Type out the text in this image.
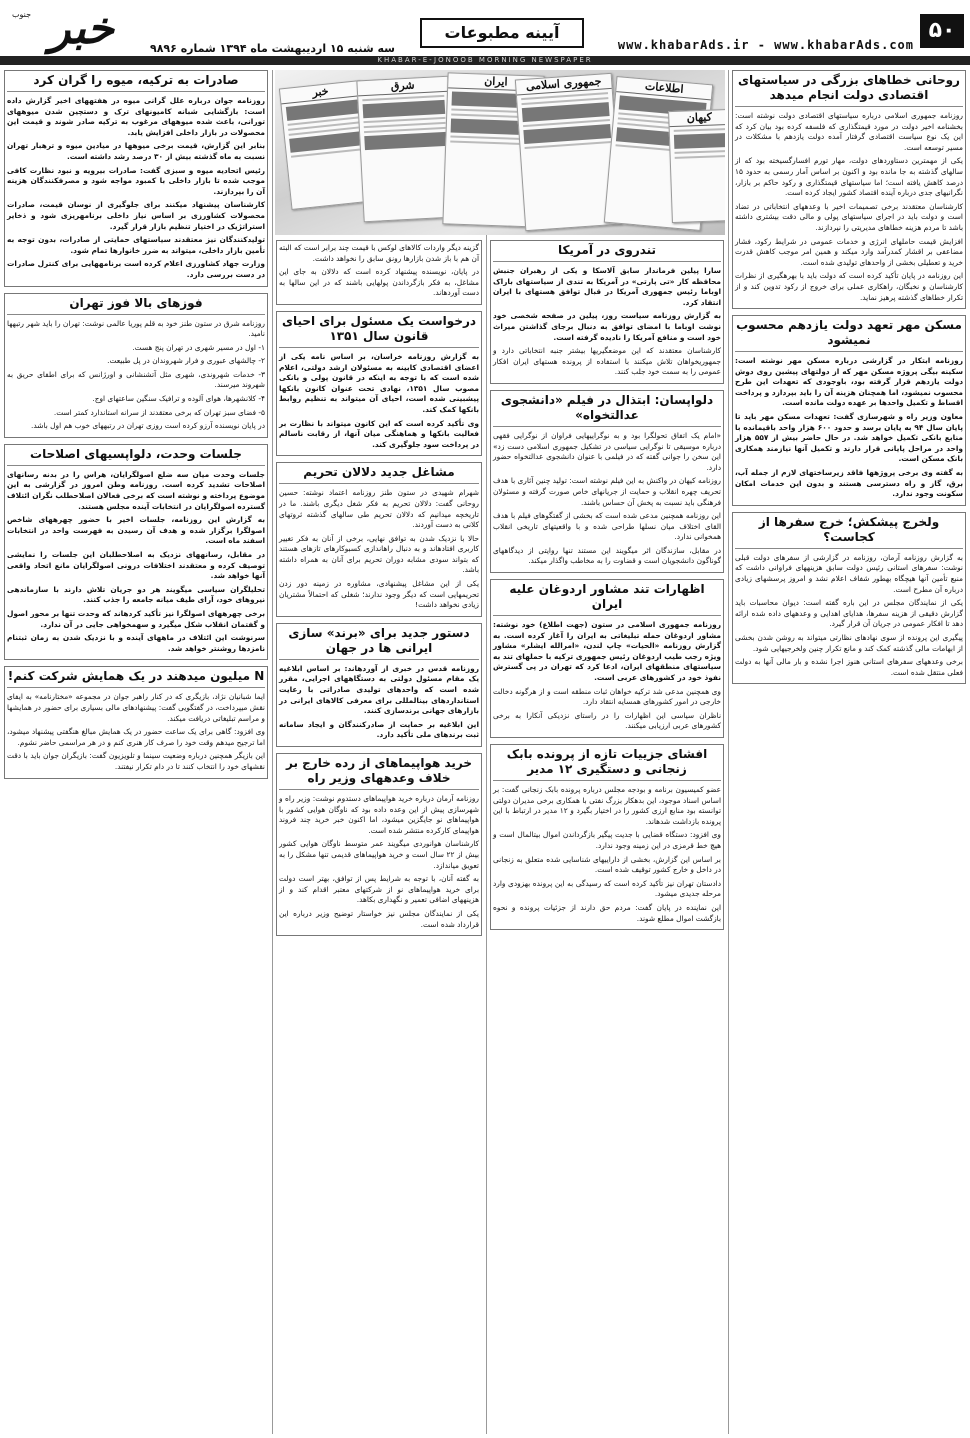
۵۰
www.khabarAds.ir - www.khabarAds.com
آیینه مطبوعات
سه شنبه ۱۵ اردیبهشت ماه ۱۳۹۴ شماره ۹۸۹۶
جنوب خبر
KHABAR-E-JONOOB MORNING NEWSPAPER
خبر	شرق	ایران	جمهوری اسلامی	اطلاعات
کیهان
روحانی خطاهای بزرگی در سیاستهای اقتصادی دولت انجام میدهد

روزنامه جمهوری اسلامی درباره سیاستهای اقتصادی دولت نوشته است: بخشنامه اخیر دولت در مورد قیمتگذاری که فلسفه کرده بود بیان کرد که این یک نوع سیاست اقتصادی گرفتار آمده دولت یازدهم با مشکلات در مسیر توسعه است.

یکی از مهمترین دستاوردهای دولت، مهار تورم افسارگسیخته بود که از سالهای گذشته به جا مانده بود و اکنون بر اساس آمار رسمی به حدود ۱۵ درصد کاهش یافته است؛ اما سیاستهای قیمتگذاری و رکود حاکم بر بازار، نگرانیهای جدی درباره آینده اقتصاد کشور ایجاد کرده است.

کارشناسان معتقدند برخی تصمیمات اخیر با وعدههای انتخاباتی در تضاد است و دولت باید در اجرای سیاستهای پولی و مالی دقت بیشتری داشته باشد تا مردم هزینه خطاهای مدیریتی را نپردازند.

افزایش قیمت حاملهای انرژی و خدمات عمومی در شرایط رکود، فشار مضاعفی بر اقشار کمدرآمد وارد میکند و همین امر موجب کاهش قدرت خرید و تعطیلی بخشی از واحدهای تولیدی شده است.

این روزنامه در پایان تأکید کرده است که دولت باید با بهرهگیری از نظرات کارشناسان و نخبگان، راهکاری عملی برای خروج از رکود تدوین کند و از تکرار خطاهای گذشته پرهیز نماید.

مسکن مهر تعهد دولت یازدهم محسوب نمیشود

روزنامه ابتکار در گزارشی درباره مسکن مهر نوشته است: سکینه بیگی پروژه مسکن مهر که از دولتهای پیشین روی دوش دولت یازدهم قرار گرفته بود، باوجودی که تعهدات این طرح محسوب نمیشود، اما همچنان هزینه آن را باید بپردازد و پرداخت اقساط و تکمیل واحدها بر عهده دولت مانده است.

معاون وزیر راه و شهرسازی گفت: تعهدات مسکن مهر باید تا پایان سال ۹۴ به پایان برسد و حدود ۶۰۰ هزار واحد باقیمانده با منابع بانکی تکمیل خواهد شد. در حال حاضر بیش از ۵۵۷ هزار واحد در مراحل پایانی قرار دارند و تکمیل آنها نیازمند همکاری بانک مسکن است.

به گفته وی برخی پروژهها فاقد زیرساختهای لازم از جمله آب، برق، گاز و راه دسترسی هستند و بدون این خدمات امکان سکونت وجود ندارد.

ولخرج پیشکش؛ خرج سفرها از کجاست؟

به گزارش روزنامه آرمان، روزنامه در گزارشی از سفرهای دولت قبلی نوشت: سفرهای استانی رئیس دولت سابق هزینههای فراوانی داشت که منبع تأمین آنها هیچگاه بهطور شفاف اعلام نشد و امروز پرسشهای زیادی درباره آن مطرح است.

یکی از نمایندگان مجلس در این باره گفته است: دیوان محاسبات باید گزارش دقیقی از هزینه سفرها، هدایای اهدایی و وعدههای داده شده ارائه دهد تا افکار عمومی در جریان آن قرار گیرد.

پیگیری این پرونده از سوی نهادهای نظارتی میتواند به روشن شدن بخشی از ابهامات مالی گذشته کمک کند و مانع تکرار چنین ولخرجیهایی شود.

برخی وعدههای سفرهای استانی هنوز اجرا نشده و بار مالی آنها به دولت فعلی منتقل شده است.

تندروی در آمریکا

سارا پیلین فرماندار سابق آلاسکا و یکی از رهبران جنبش محافظه کار «تی پارتی» در آمریکا به تندی از سیاستهای باراک اوباما رئیس جمهوری آمریکا در قبال توافق هستهای با ایران انتقاد کرد.

به گزارش روزنامه سیاست روز، پیلین در صفحه شخصی خود نوشت اوباما با امضای توافق به دنبال برجای گذاشتن میراث خود است و منافع آمریکا را نادیده گرفته است.

کارشناسان معتقدند که این موضعگیریها بیشتر جنبه انتخاباتی دارد و جمهوریخواهان تلاش میکنند با استفاده از پرونده هستهای ایران افکار عمومی را به سمت خود جلب کنند.

دلواپسان: ابتذال در فیلم «دانشجوی عدالتخواه»

«امام یک اتفاق تحولگرا بود و به نوگراییهایی فراوان از نوگرایی فقهی درباره موسیقی تا نوگرایی سیاسی در تشکیل جمهوری اسلامی دست زد» این سخن را جوانی گفته که در فیلمی با عنوان دانشجوی عدالتخواه حضور دارد.

روزنامه کیهان در واکنش به این فیلم نوشته است: تولید چنین آثاری با هدف تحریف چهره انقلاب و حمایت از جریانهای خاص صورت گرفته و مسئولان فرهنگی باید نسبت به پخش آن حساس باشند.

این روزنامه همچنین مدعی شده است که بخشی از گفتگوهای فیلم با هدف القای اختلاف میان نسلها طراحی شده و با واقعیتهای تاریخی انقلاب همخوانی ندارد.

در مقابل، سازندگان اثر میگویند این مستند تنها روایتی از دیدگاههای گوناگون دانشجویان است و قضاوت را به مخاطب واگذار میکند.

اظهارات تند مشاور اردوغان علیه ایران

روزنامه جمهوری اسلامی در ستون (جهت اطلاع) خود نوشته: مشاور اردوغان حمله تبلیغاتی به ایران را آغاز کرده است. به گزارش روزنامه «الحیات» چاپ لندن، «امرالله ایشلر» مشاور ویژه رجب طیب اردوغان رئیس جمهوری ترکیه با حملهای تند به سیاستهای منطقهای ایران، ادعا کرد که تهران در پی گسترش نفوذ خود در کشورهای عربی است.

وی همچنین مدعی شد ترکیه خواهان ثبات منطقه است و از هرگونه دخالت خارجی در امور کشورهای همسایه انتقاد دارد.

ناظران سیاسی این اظهارات را در راستای نزدیکی آنکارا به برخی کشورهای عربی ارزیابی میکنند.

افشای جزییات تازه از پرونده بابک زنجانی و دستگیری ۱۲ مدیر

عضو کمیسیون برنامه و بودجه مجلس درباره پرونده بابک زنجانی گفت: بر اساس اسناد موجود، این بدهکار بزرگ نفتی با همکاری برخی مدیران دولتی توانسته بود منابع ارزی کشور را در اختیار بگیرد و ۱۲ مدیر در ارتباط با این پرونده بازداشت شدهاند.

وی افزود: دستگاه قضایی با جدیت پیگیر بازگرداندن اموال بیتالمال است و هیچ خط قرمزی در این زمینه وجود ندارد.

بر اساس این گزارش، بخشی از داراییهای شناسایی شده متعلق به زنجانی در داخل و خارج کشور توقیف شده است.

دادستان تهران نیز تأکید کرده است که رسیدگی به این پرونده بهزودی وارد مرحله جدیدی میشود.

این نماینده در پایان گفت: مردم حق دارند از جزئیات پرونده و نحوه بازگشت اموال مطلع شوند.

گزینه دیگر واردات کالاهای لوکس با قیمت چند برابر است که البته آن هم با باز شدن بازارها رونق سابق را نخواهد داشت.

در پایان، نویسنده پیشنهاد کرده است که دلالان به جای این مشاغل، به فکر بازگرداندن پولهایی باشند که در این سالها به دست آوردهاند.

درخواست یک مسئول برای احیای قانون سال ۱۳۵۱

به گزارش روزنامه خراسان، بر اساس نامه یکی از اعضای اقتصادی کابینه به مسئولان ارشد دولتی، اعلام شده است که با توجه به اینکه در قانون پولی و بانکی مصوب سال ۱۳۵۱، نهادی تحت عنوان کانون بانکها پیشبینی شده است، احیای آن میتواند به تنظیم روابط بانکها کمک کند.

وی تأکید کرده است که این کانون میتواند با نظارت بر فعالیت بانکها و هماهنگی میان آنها، از رقابت ناسالم در پرداخت سود جلوگیری کند.

مشاغل جدید دلالان تحریم

شهرام شهیدی در ستون طنز روزنامه اعتماد نوشته: حسین روحانی گفت: دلالان تحریم به فکر شغل دیگری باشند. ما در تاریخچه میدانیم که دلالان تحریم طی سالهای گذشته ثروتهای کلانی به دست آوردند.

حالا با نزدیک شدن به توافق نهایی، برخی از آنان به فکر تغییر کاربری افتادهاند و به دنبال راهاندازی کسبوکارهای تازهای هستند که بتواند سودی مشابه دوران تحریم برای آنان به همراه داشته باشد.

یکی از این مشاغل پیشنهادی، مشاوره در زمینه دور زدن تحریمهایی است که دیگر وجود ندارند؛ شغلی که احتمالاً مشتریان زیادی نخواهد داشت!

دستور جدید برای «برند» سازی ایرانی ها در جهان

روزنامه قدس در خبری از آوردهاند: بر اساس ابلاغیه یک مقام مسئول دولتی به دستگاههای اجرایی، مقرر شده است که واحدهای تولیدی صادراتی با رعایت استانداردهای بینالمللی برای معرفی کالاهای ایرانی در بازارهای جهانی برندسازی کنند.

این ابلاغیه بر حمایت از صادرکنندگان و ایجاد سامانه ثبت برندهای ملی تأکید دارد.

خرید هواپیماهای از رده خارج بر خلاف وعدههای وزیر راه

روزنامه آرمان درباره خرید هواپیماهای دستدوم نوشت: وزیر راه و شهرسازی پیش از این وعده داده بود که ناوگان هوایی کشور با هواپیماهای نو جایگزین میشود، اما اکنون خبر خرید چند فروند هواپیمای کارکرده منتشر شده است.

کارشناسان هوانوردی میگویند عمر متوسط ناوگان هوایی کشور بیش از ۲۲ سال است و خرید هواپیماهای قدیمی تنها مشکل را به تعویق میاندازد.

به گفته آنان، با توجه به شرایط پس از توافق، بهتر است دولت برای خرید هواپیماهای نو از شرکتهای معتبر اقدام کند و از هزینههای اضافی تعمیر و نگهداری بکاهد.

یکی از نمایندگان مجلس نیز خواستار توضیح وزیر درباره این قرارداد شده است.

صادرات به ترکیه، میوه را گران کرد

روزنامه جوان درباره علل گرانی میوه در هفتههای اخیر گزارش داده است: بازگشایی شبانه کامیونهای ترک و دستچین شدن میوههای تورانی، باعث شده میوههای مرغوب به ترکیه صادر شوند و قیمت این محصولات در بازار داخلی افزایش یابد.

بنابر این گزارش، قیمت برخی میوهها در میادین میوه و ترهبار تهران نسبت به ماه گذشته بیش از ۳۰ درصد رشد داشته است.

رئیس اتحادیه میوه و سبزی گفت: صادرات بیرویه و نبود نظارت کافی موجب شده تا بازار داخلی با کمبود مواجه شود و مصرفکنندگان هزینه آن را بپردازند.

کارشناسان پیشنهاد میکنند برای جلوگیری از نوسان قیمت، صادرات محصولات کشاورزی بر اساس نیاز داخلی برنامهریزی شود و ذخایر استراتژیک در اختیار تنظیم بازار قرار گیرد.

تولیدکنندگان نیز معتقدند سیاستهای حمایتی از صادرات، بدون توجه به تأمین بازار داخلی، میتواند به ضرر خانوارها تمام شود.

وزارت جهاد کشاورزی اعلام کرده است برنامههایی برای کنترل صادرات در دست بررسی دارد.

فوزهای بالا فوز تهران

روزنامه شرق در ستون طنز خود به قلم پوریا عالمی نوشت: تهران را باید شهر رتبهها نامید.

۱- اول در مسیر شهری در تهران پنج هست.

۲- چالشهای عبوری و فرار شهروندان در پل طبیعت.

۳- خدمات شهروندی، شهری مثل آتشنشانی و اورژانس که برای اطفای حریق به شهروند میرسند.

۴- کلانشهرها، هوای آلوده و ترافیک سنگین ساعتهای اوج.

۵- فضای سبز تهران که برخی معتقدند از سرانه استاندارد کمتر است.

در پایان نویسنده آرزو کرده است روزی تهران در رتبههای خوب هم اول باشد.

جلسات وحدت، دلواپسیهای اصلاحات

جلسات وحدت میان سه ضلع اصولگرایان، هراس را در بدنه رسانهای اصلاحات تشدید کرده است. روزنامه وطن امروز در گزارشی به این موضوع پرداخته و نوشته است که برخی فعالان اصلاحطلب نگران ائتلاف گسترده اصولگرایان در انتخابات آینده مجلس هستند.

به گزارش این روزنامه، جلسات اخیر با حضور چهرههای شاخص اصولگرا برگزار شده و هدف آن رسیدن به فهرست واحد در انتخابات اسفند ماه است.

در مقابل، رسانههای نزدیک به اصلاحطلبان این جلسات را نمایشی توصیف کرده و معتقدند اختلافات درونی اصولگرایان مانع اتحاد واقعی آنها خواهد شد.

تحلیلگران سیاسی میگویند هر دو جریان تلاش دارند با سازماندهی نیروهای خود، آرای طیف میانه جامعه را جذب کنند.

برخی چهرههای اصولگرا نیز تأکید کردهاند که وحدت تنها بر محور اصول و گفتمان انقلاب شکل میگیرد و سهمخواهی جایی در آن ندارد.

سرنوشت این ائتلاف در ماههای آینده و با نزدیک شدن به زمان ثبتنام نامزدها روشنتر خواهد شد.

N میلیون میدهند در یک همایش شرکت کنم!

ایما شبانیان نژاد، بازیگری که در کنار راهبر جوان در مجموعه «مختارنامه» به ایفای نقش میپرداخت، در گفتگویی گفت: پیشنهادهای مالی بسیاری برای حضور در همایشها و مراسم تبلیغاتی دریافت میکند.

وی افزود: گاهی برای یک ساعت حضور در یک همایش مبالغ هنگفتی پیشنهاد میشود، اما ترجیح میدهم وقت خود را صرف کار هنری کنم و در هر مراسمی حاضر نشوم.

این بازیگر همچنین درباره وضعیت سینما و تلویزیون گفت: بازیگران جوان باید با دقت نقشهای خود را انتخاب کنند تا در دام تکرار نیفتند.
